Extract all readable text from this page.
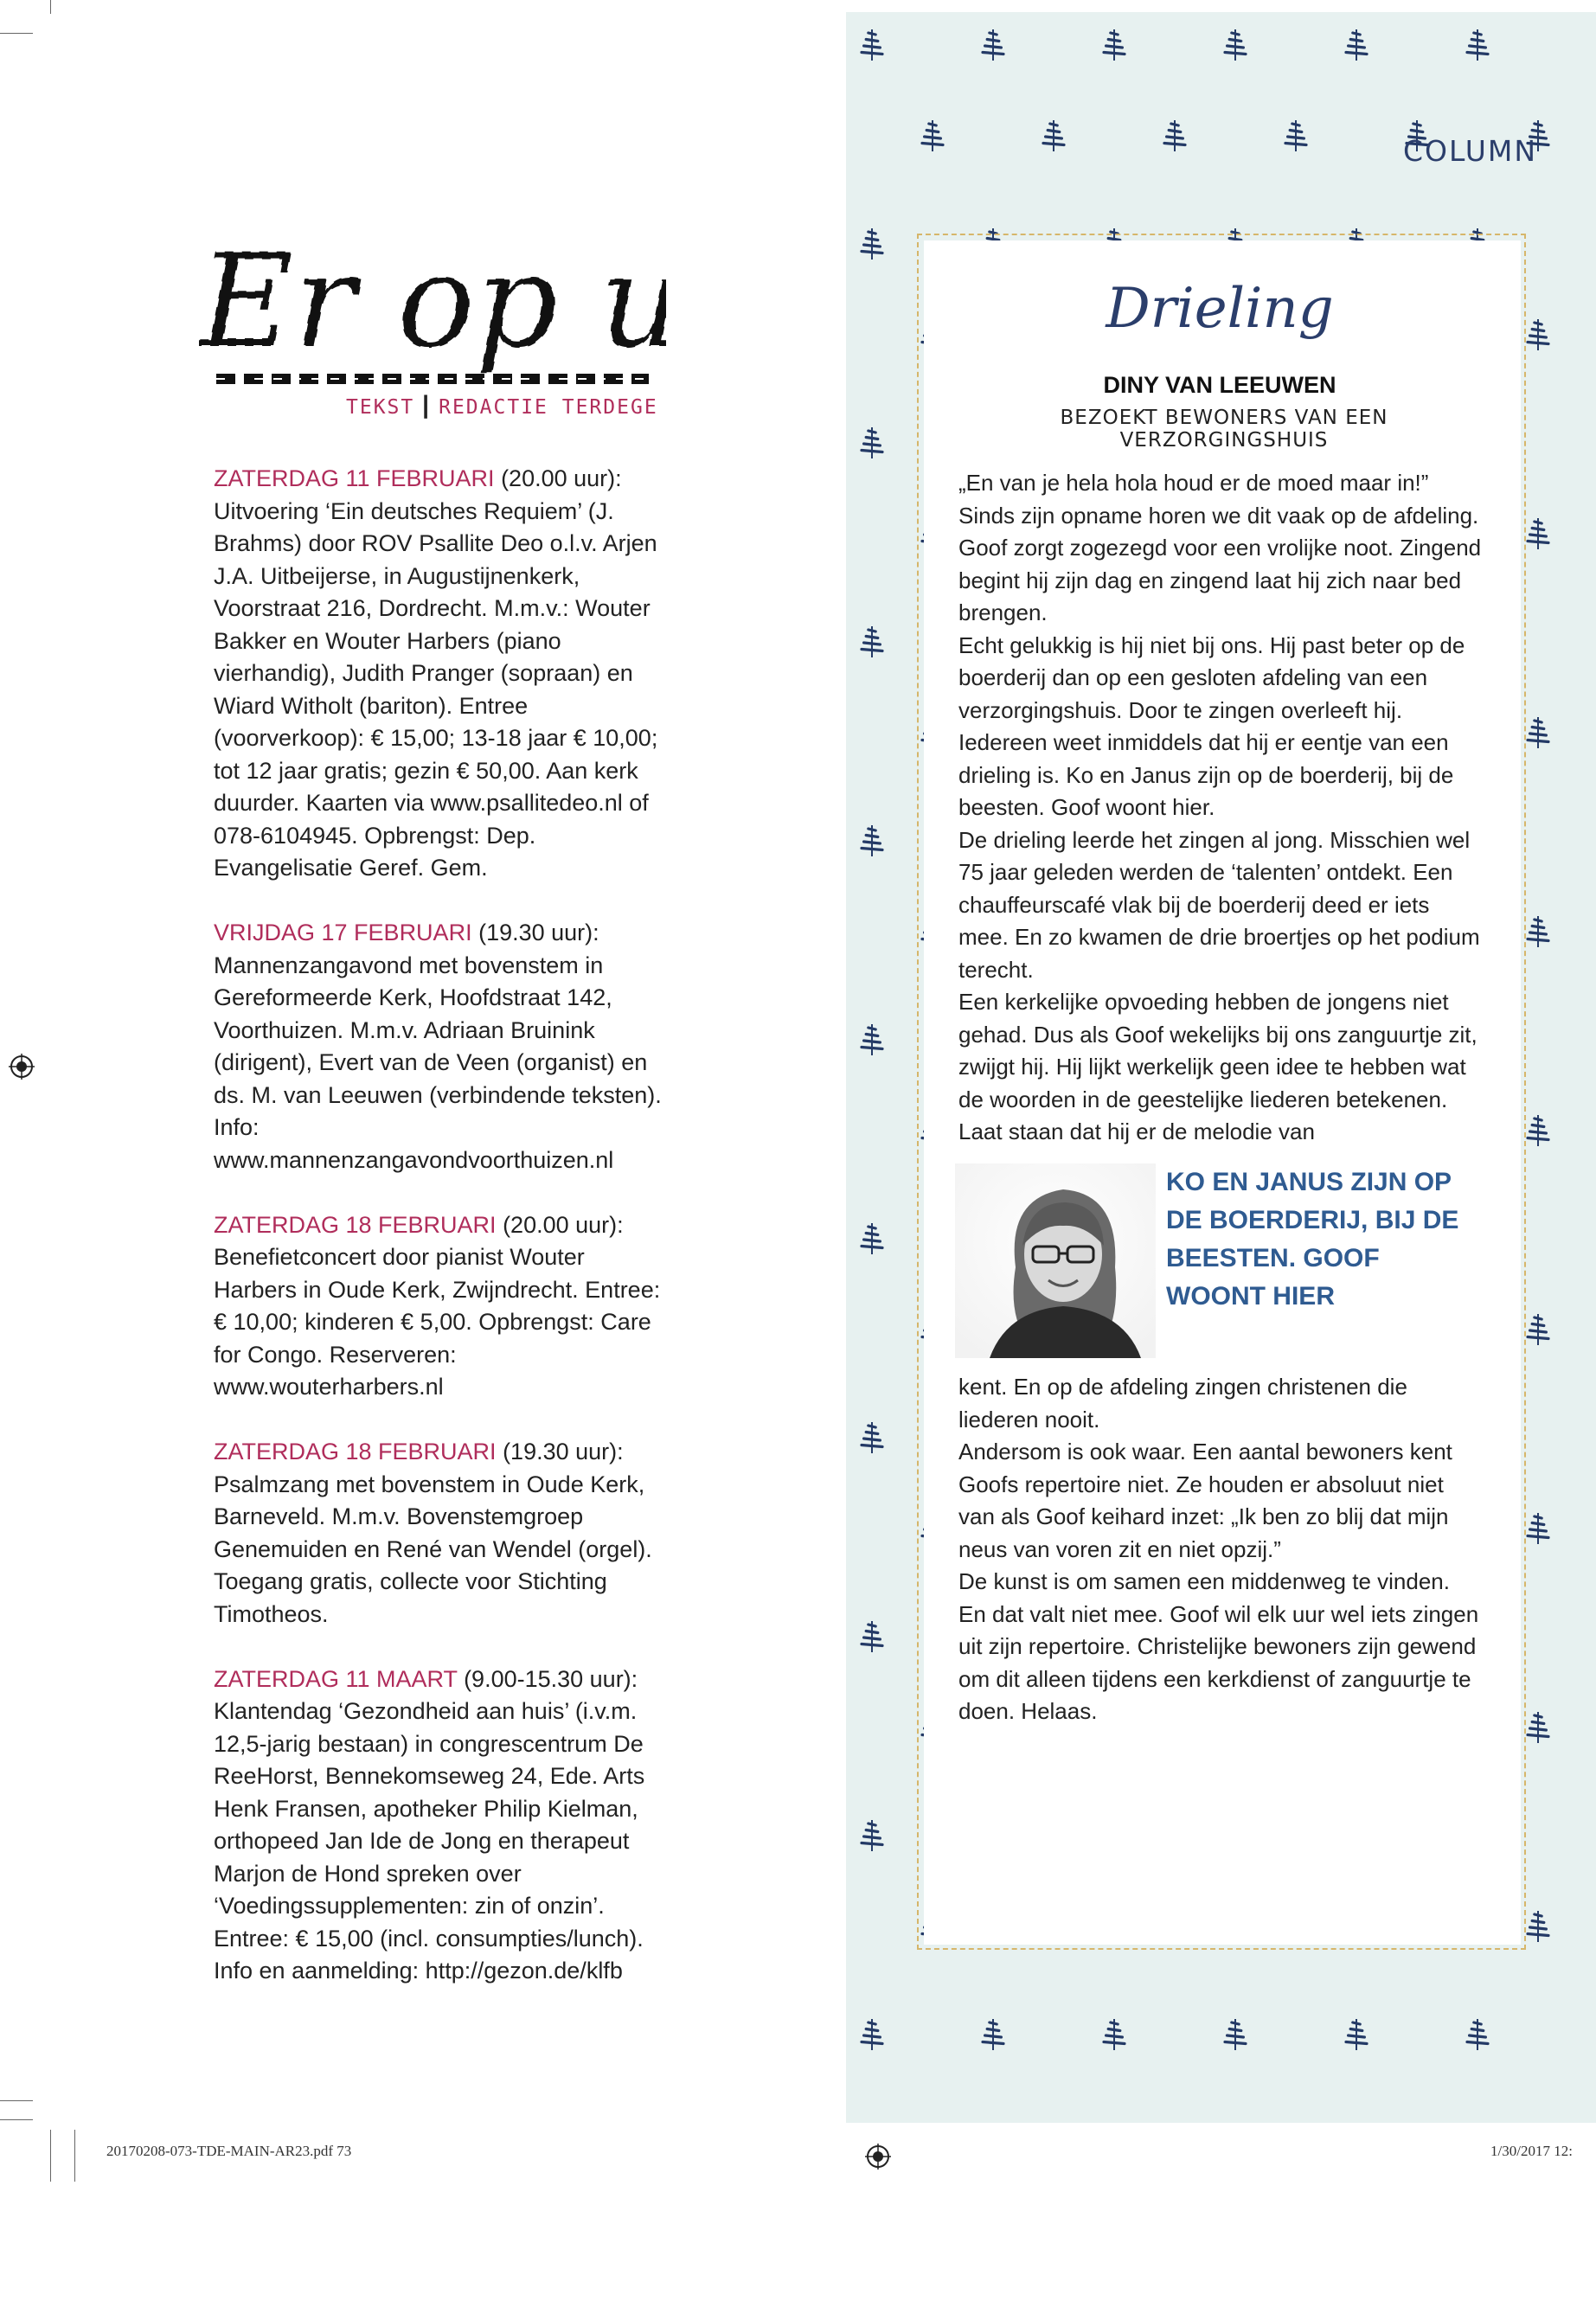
Er op
Er op
TEKST ┃ REDACTIE TERDEGE

ZATERDAG 11 FEBRUARI (20.00 uur): Uitvoering ‘Ein deutsches Requiem’ (J. Brahms) door ROV Psallite Deo o.l.v. Arjen J.A. Uitbeijerse, in Augustijnenkerk, Voorstraat 216, Dordrecht. M.m.v.: Wouter Bakker en Wouter Harbers (piano vierhandig), Judith Pranger (sopraan) en Wiard Witholt (bariton). Entree (voorverkoop): € 15,00; 13-18 jaar € 10,00; tot 12 jaar gratis; gezin € 50,00. Aan kerk duurder. Kaarten via www.psallitedeo.nl of 078-6104945. Opbrengst: Dep. Evangelisatie Geref. Gem.

VRIJDAG 17 FEBRUARI (19.30 uur): Mannenzangavond met bovenstem in Gereformeerde Kerk, Hoofdstraat 142, Voorthuizen. M.m.v. Adriaan Bruinink (dirigent), Evert van de Veen (organist) en ds. M. van Leeuwen (verbindende teksten). Info: www.mannenzangavondvoorthuizen.nl

ZATERDAG 18 FEBRUARI (20.00 uur): Benefietconcert door pianist Wouter Harbers in Oude Kerk, Zwijndrecht. Entree: € 10,00; kinderen € 5,00. Opbrengst: Care for Congo. Reserveren: www.wouterharbers.nl

ZATERDAG 18 FEBRUARI (19.30 uur): Psalmzang met bovenstem in Oude Kerk, Barneveld. M.m.v. Bovenstemgroep Genemuiden en René van Wendel (orgel). Toegang gratis, collecte voor Stichting Timotheos.

ZATERDAG 11 MAART (9.00-15.30 uur): Klantendag ‘Gezondheid aan huis’ (i.v.m. 12,5-jarig bestaan) in congrescentrum De ReeHorst, Bennekomseweg 24, Ede. Arts Henk Fransen, apotheker Philip Kielman, orthopeed Jan Ide de Jong en therapeut Marjon de Hond spreken over ‘Voedingssupplementen: zin of onzin’. Entree: € 15,00 (incl. consumpties/lunch). Info en aanmelding: http://gezon.de/klfb

COLUMN
Drieling
DINY VAN LEEUWEN
BEZOEKT BEWONERS VAN EEN VERZORGINGSHUIS

„En van je hela hola houd er de moed maar in!” Sinds zijn opname horen we dit vaak op de afdeling. Goof zorgt zogezegd voor een vrolijke noot. Zingend begint hij zijn dag en zingend laat hij zich naar bed brengen.

Echt gelukkig is hij niet bij ons. Hij past beter op de boerderij dan op een gesloten afdeling van een verzorgingshuis. Door te zingen overleeft hij. Iedereen weet inmiddels dat hij er eentje van een drieling is. Ko en Janus zijn op de boerderij, bij de beesten. Goof woont hier.

De drieling leerde het zingen al jong. Misschien wel 75 jaar geleden werden de ‘talenten’ ontdekt. Een chauffeurscafé vlak bij de boerderij deed er iets mee. En zo kwamen de drie broertjes op het podium terecht.

Een kerkelijke opvoeding hebben de jongens niet gehad. Dus als Goof wekelijks bij ons zanguurtje zit, zwijgt hij. Hij lijkt werkelijk geen idee te hebben wat de woorden in de geestelijke liederen betekenen. Laat staan dat hij er de melodie van

KO EN JANUS ZIJN OP DE BOERDERIJ, BIJ DE BEESTEN. GOOF WOONT HIER

kent. En op de afdeling zingen christenen die liederen nooit.

Andersom is ook waar. Een aantal bewoners kent Goofs repertoire niet. Ze houden er absoluut niet van als Goof keihard inzet: „Ik ben zo blij dat mijn neus van voren zit en niet opzij.”

De kunst is om samen een middenweg te vinden. En dat valt niet mee. Goof wil elk uur wel iets zingen uit zijn repertoire. Christelijke bewoners zijn gewend om dit alleen tijdens een kerkdienst of zanguurtje te doen. Helaas.

20170208-073-TDE-MAIN-AR23.pdf 73	1/30/2017 12:
